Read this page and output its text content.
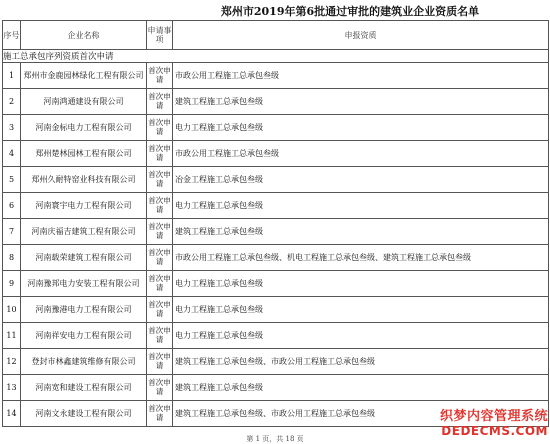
郑州市2019年第6批通过审批的建筑业企业资质名单
序号	企业名称	申请事项	申报资质
施工总承包序列资质首次申请			
1	郑州市金鹿园林绿化工程有限公司	首次申请	市政公用工程施工总承包叁级
2	河南鸿通建设有限公司	首次申请	建筑工程施工总承包叁级
3	河南金标电力工程有限公司	首次申请	电力工程施工总承包叁级
4	郑州楚林园林工程有限公司	首次申请	市政公用工程施工总承包叁级
5	郑州久耐特窑业科技有限公司	首次申请	冶金工程施工总承包叁级
6	河南寰宇电力工程有限公司	首次申请	电力工程施工总承包叁级
7	河南庆福吉建筑工程有限公司	首次申请	建筑工程施工总承包叁级
8	河南载荣建筑工程有限公司	首次申请	市政公用工程施工总承包叁级、机电工程施工总承包叁级、建筑工程施工总承包叁级
9	河南豫邦电力安装工程有限公司	首次申请	电力工程施工总承包叁级
10	河南豫港电力工程有限公司	首次申请	电力工程施工总承包叁级
11	河南祥安电力工程有限公司	首次申请	电力工程施工总承包叁级
12	登封市林鑫建筑维修有限公司	首次申请	建筑工程施工总承包叁级、市政公用工程施工总承包叁级
13	河南宽和建设工程有限公司	首次申请	建筑工程施工总承包叁级
14	河南文永建设工程有限公司	首次申请	建筑工程施工总承包叁级、市政公用工程施工总承包叁级
第 1 页，共 18 页
织梦内容管理系统
DEDECMS.COM
